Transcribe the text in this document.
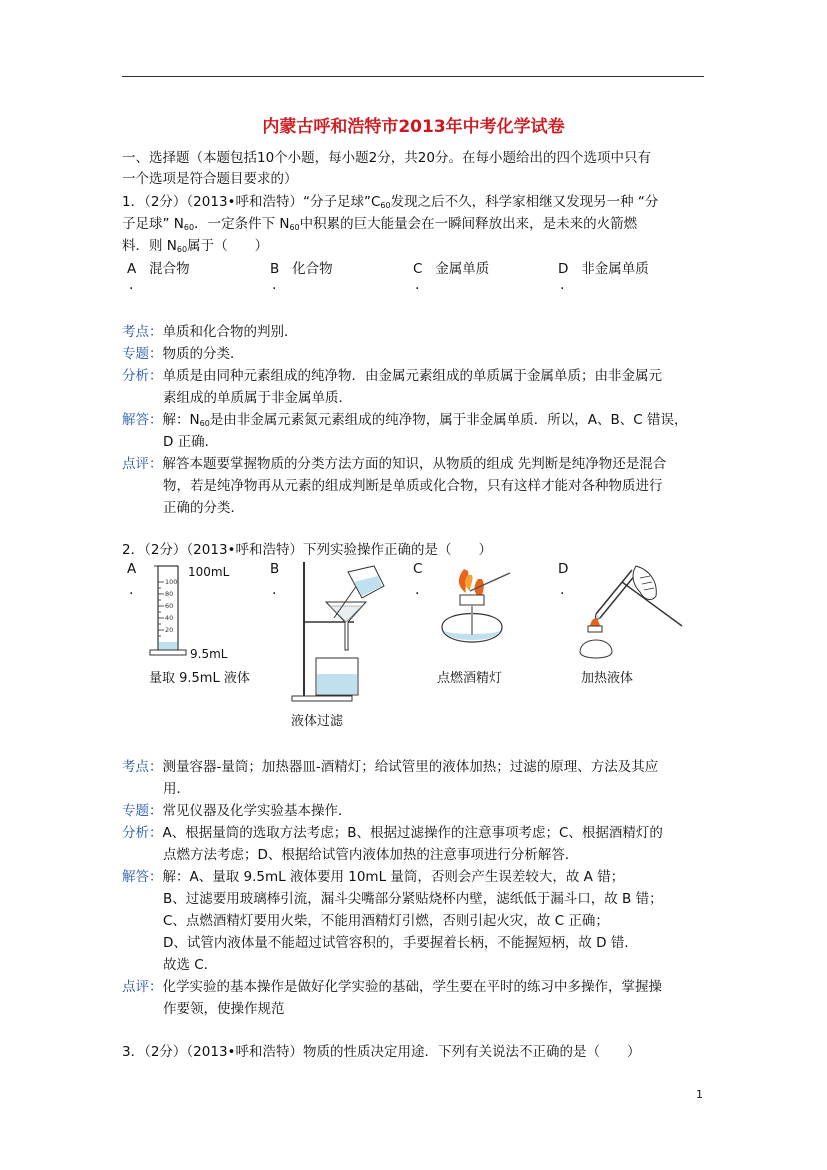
内蒙古呼和浩特市2013年中考化学试卷
一、选择题（本题包括10个小题，每小题2分，共20分。在每小题给出的四个选项中只有
一个选项是符合题目要求的）
1．（2分）（2013•呼和浩特）“分子足球$”C_{60}$发现之后不久，科学家相继又发现另一种 “分
子足球” $N_{60}$．一定条件下 $N_{60}$中积累的巨大能量会在一瞬间释放出来，是未来的火箭燃
料．则 $N_{60}$属于（　　）
A 混合物	B 化合物	C 金属单质	D 非金属单质
.	.	.	.
考点：单质和化合物的判别．
专题：物质的分类．
分析：单质是由同种元素组成的纯净物．由金属元素组成的单质属于金属单质；由非金属元
素组成的单质属于非金属单质．
解答：解：$N_{60}$是由非金属元素氮元素组成的纯净物，属于非金属单质．所以，A、B、C 错误，
D 正确．
点评：解答本题要掌握物质的分类方法方面的知识，从物质的组成 先判断是纯净物还是混合
物，若是纯净物再从元素的组成判断是单质或化合物，只有这样才能对各种物质进行
正确的分类．
2．（2分）（2013•呼和浩特）下列实验操作正确的是（　　）
A
.
B
.
C
.
D
.
100
80
60
40
20
100mL
9.5mL
量取 9.5mL 液体
液体过滤
点燃酒精灯	加热液体
考点：测量容器-量筒；加热器皿-酒精灯；给试管里的液体加热；过滤的原理、方法及其应
用．
专题：常见仪器及化学实验基本操作．
分析：A、根据量筒的选取方法考虑；B、根据过滤操作的注意事项考虑；C、根据酒精灯的
点燃方法考虑；D、根据给试管内液体加热的注意事项进行分析解答．
解答：解：A、量取 9.5mL 液体要用 10mL 量筒，否则会产生误差较大，故 A 错；
B、过滤要用玻璃棒引流，漏斗尖嘴部分紧贴烧杯内壁，滤纸低于漏斗口，故 B 错；
C、点燃酒精灯要用火柴，不能用酒精灯引燃，否则引起火灾，故 C 正确；
D、试管内液体量不能超过试管容积的，手要握着长柄，不能握短柄，故 D 错．
故选 C．
点评：化学实验的基本操作是做好化学实验的基础，学生要在平时的练习中多操作，掌握操
作要领，使操作规范
3．（2分）（2013•呼和浩特）物质的性质决定用途．下列有关说法不正确的是（　　）
1
